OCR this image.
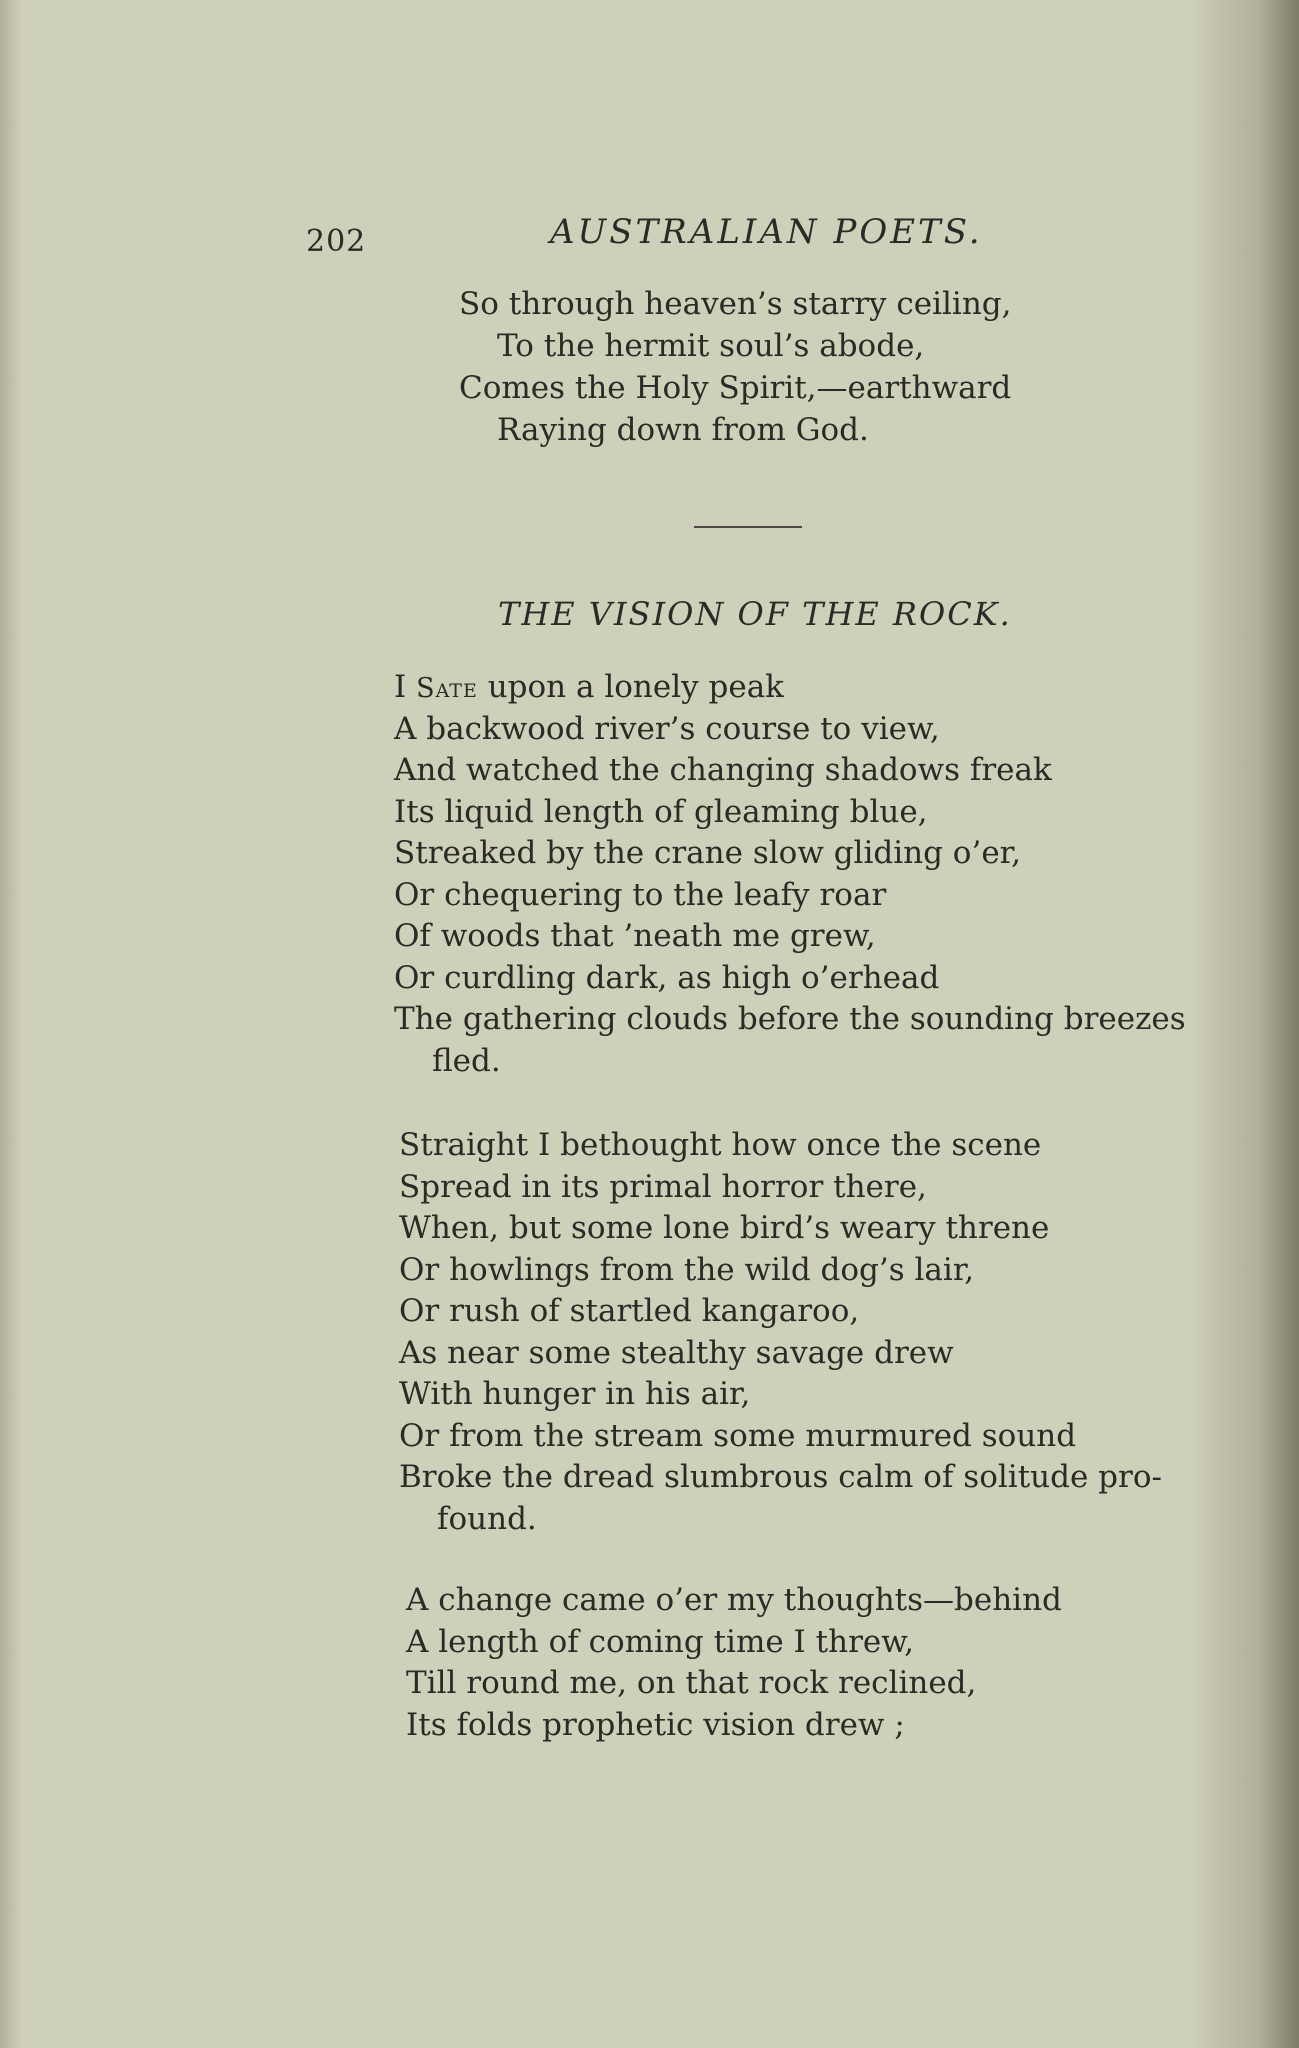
202	AUSTRALIAN POETS.
So through heaven’s starry ceiling,
To the hermit soul’s abode,
Comes the Holy Spirit,—earthward
Raying down from God.
THE VISION OF THE ROCK.
I Sate upon a lonely peak
A backwood river’s course to view,
And watched the changing shadows freak
Its liquid length of gleaming blue,
Streaked by the crane slow gliding o’er,
Or chequering to the leafy roar
Of woods that ’neath me grew,
Or curdling dark, as high o’erhead
The gathering clouds before the sounding breezes
fled.
Straight I bethought how once the scene
Spread in its primal horror there,
When, but some lone bird’s weary threne
Or howlings from the wild dog’s lair,
Or rush of startled kangaroo,
As near some stealthy savage drew
With hunger in his air,
Or from the stream some murmured sound
Broke the dread slumbrous calm of solitude pro-
found.
A change came o’er my thoughts—behind
A length of coming time I threw,
Till round me, on that rock reclined,
Its folds prophetic vision drew ;
